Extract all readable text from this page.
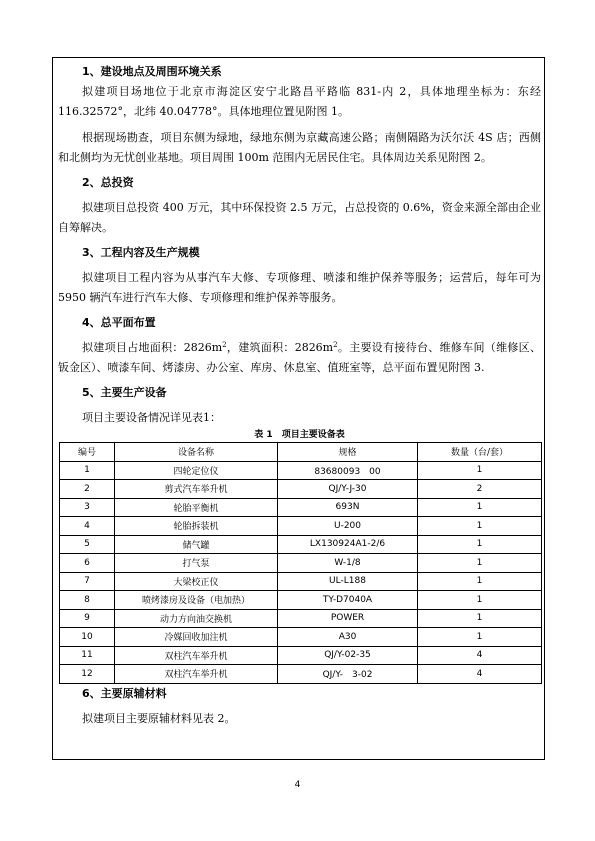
1、建设地点及周围环境关系

拟建项目场地位于北京市海淀区安宁北路昌平路临 831-内 2，具体地理坐标为：东经116.32572°，北纬 40.04778°。具体地理位置见附图 1。

根据现场勘查，项目东侧为绿地，绿地东侧为京藏高速公路；南侧隔路为沃尔沃 4S 店；西侧和北侧均为无忧创业基地。项目周围 100m 范围内无居民住宅。具体周边关系见附图 2。

2、总投资

拟建项目总投资 400 万元，其中环保投资 2.5 万元，占总投资的 0.6%，资金来源全部由企业自筹解决。

3、工程内容及生产规模

拟建项目工程内容为从事汽车大修、专项修理、喷漆和维护保养等服务；运营后，每年可为 5950 辆汽车进行汽车大修、专项修理和维护保养等服务。

4、总平面布置

拟建项目占地面积：$2826m^2$，建筑面积：$2826m^2$。主要设有接待台、维修车间（维修区、钣金区）、喷漆车间、烤漆房、办公室、库房、休息室、值班室等，总平面布置见附图 3.

5、主要生产设备

项目主要设备情况详见表1：

表 1　项目主要设备表
编号	设备名称	规格	数量（台/套）
1	四轮定位仪	83680093　00	1
2	剪式汽车举升机	QJ/Y-J-30	2
3	轮胎平衡机	693N	1
4	轮胎拆装机	U-200	1
5	储气罐	LX130924A1-2/6	1
6	打气泵	W-1/8	1
7	大梁校正仪	UL-L188	1
8	喷烤漆房及设备（电加热）	TY-D7040A	1
9	动力方向油交换机	POWER	1
10	冷媒回收加注机	A30	1
11	双柱汽车举升机	QJ/Y-02-35	4
12	双柱汽车举升机	QJ/Y-　3-02	4
6、主要原辅材料

拟建项目主要原辅材料见表 2。

4
